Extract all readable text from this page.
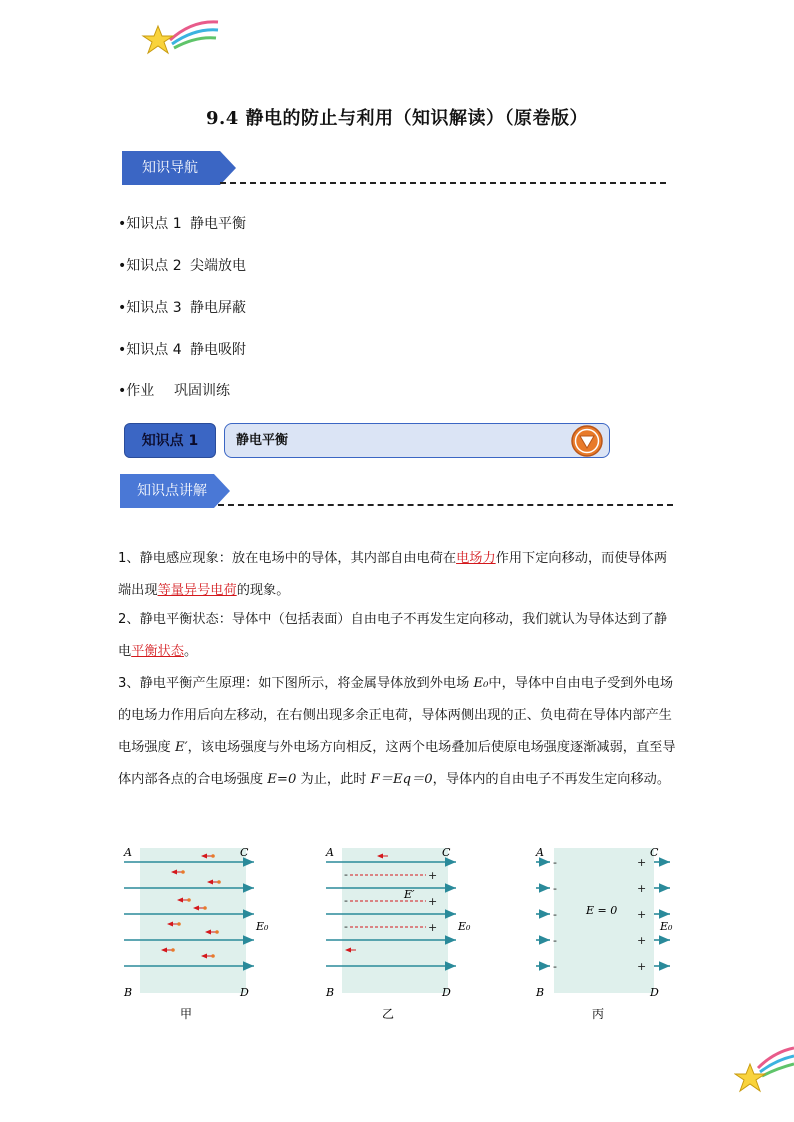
9.4 静电的防止与利用（知识解读）（原卷版）
知识导航
•知识点 1 静电平衡
•知识点 2 尖端放电
•知识点 3 静电屏蔽
•知识点 4 静电吸附
•作业 巩固训练
知识点 1	静电平衡
知识点讲解
1、静电感应现象：放在电场中的导体，其内部自由电荷在电场力作用下定向移动，而使导体两端出现等量异号电荷的现象。
2、静电平衡状态：导体中（包括表面）自由电子不再发生定向移动，我们就认为导体达到了静电平衡状态。
3、静电平衡产生原理：如下图所示，将金属导体放到外电场 E₀中，导体中自由电子受到外电场的电场力作用后向左移动，在右侧出现多余正电荷，导体两侧出现的正、负电荷在导体内部产生电场强度 E′，该电场强度与外电场方向相反，这两个电场叠加后使原电场强度逐渐减弱，直至导体内部各点的合电场强度 E=0 为止，此时 F＝Eq＝0，导体内的自由电子不再发生定向移动。
A	C
B	D
E₀
甲
-
-
-
+
+
+
E′
A	C
B	D
E₀
乙
-
-
-
-
-
+
+
+
+
+
E = 0
A	C
B	D
E₀
丙
